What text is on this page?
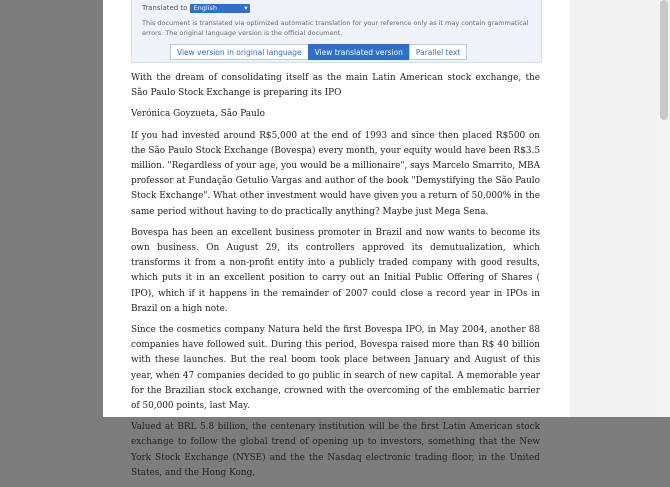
Translated to English	▾

This document is translated via optimized automatic translation for your reference only as it may contain grammatical errors. The original language version is the official document.

View version in original language	View translated version	Parallel text

With the dream of consolidating itself as the main Latin American stock exchange, the São Paulo Stock Exchange is preparing its IPO

Verónica Goyzueta, São Paulo

If you had invested around R$5,000 at the end of 1993 and since then placed R$500 on the São Paulo Stock Exchange (Bovespa) every month, your equity would have been R$3.5 million. "Regardless of your age, you would be a millionaire", says Marcelo Smarrito, MBA professor at Fundação Getulio Vargas and author of the book "Demystifying the São Paulo Stock Exchange". What other investment would have given you a return of 50,000% in the same period without having to do practically anything? Maybe just Mega Sena.

Bovespa has been an excellent business promoter in Brazil and now wants to become its own business. On August 29, its controllers approved its demutualization, which transforms it from a non-profit entity into a publicly traded company with good results, which puts it in an excellent position to carry out an Initial Public Offering of Shares ( IPO), which if it happens in the remainder of 2007 could close a record year in IPOs in Brazil on a high note.

Since the cosmetics company Natura held the first Bovespa IPO, in May 2004, another 88 companies have followed suit. During this period, Bovespa raised more than R$ 40 billion with these launches. But the real boom took place between January and August of this year, when 47 companies decided to go public in search of new capital. A memorable year for the Brazilian stock exchange, crowned with the overcoming of the emblematic barrier of 50,000 points, last May.

Valued at BRL 5.8 billion, the centenary institution will be the first Latin American stock exchange to follow the global trend of opening up to investors, something that the New York Stock Exchange (NYSE) and the the Nasdaq electronic trading floor, in the United States, and the Hong Kong,
